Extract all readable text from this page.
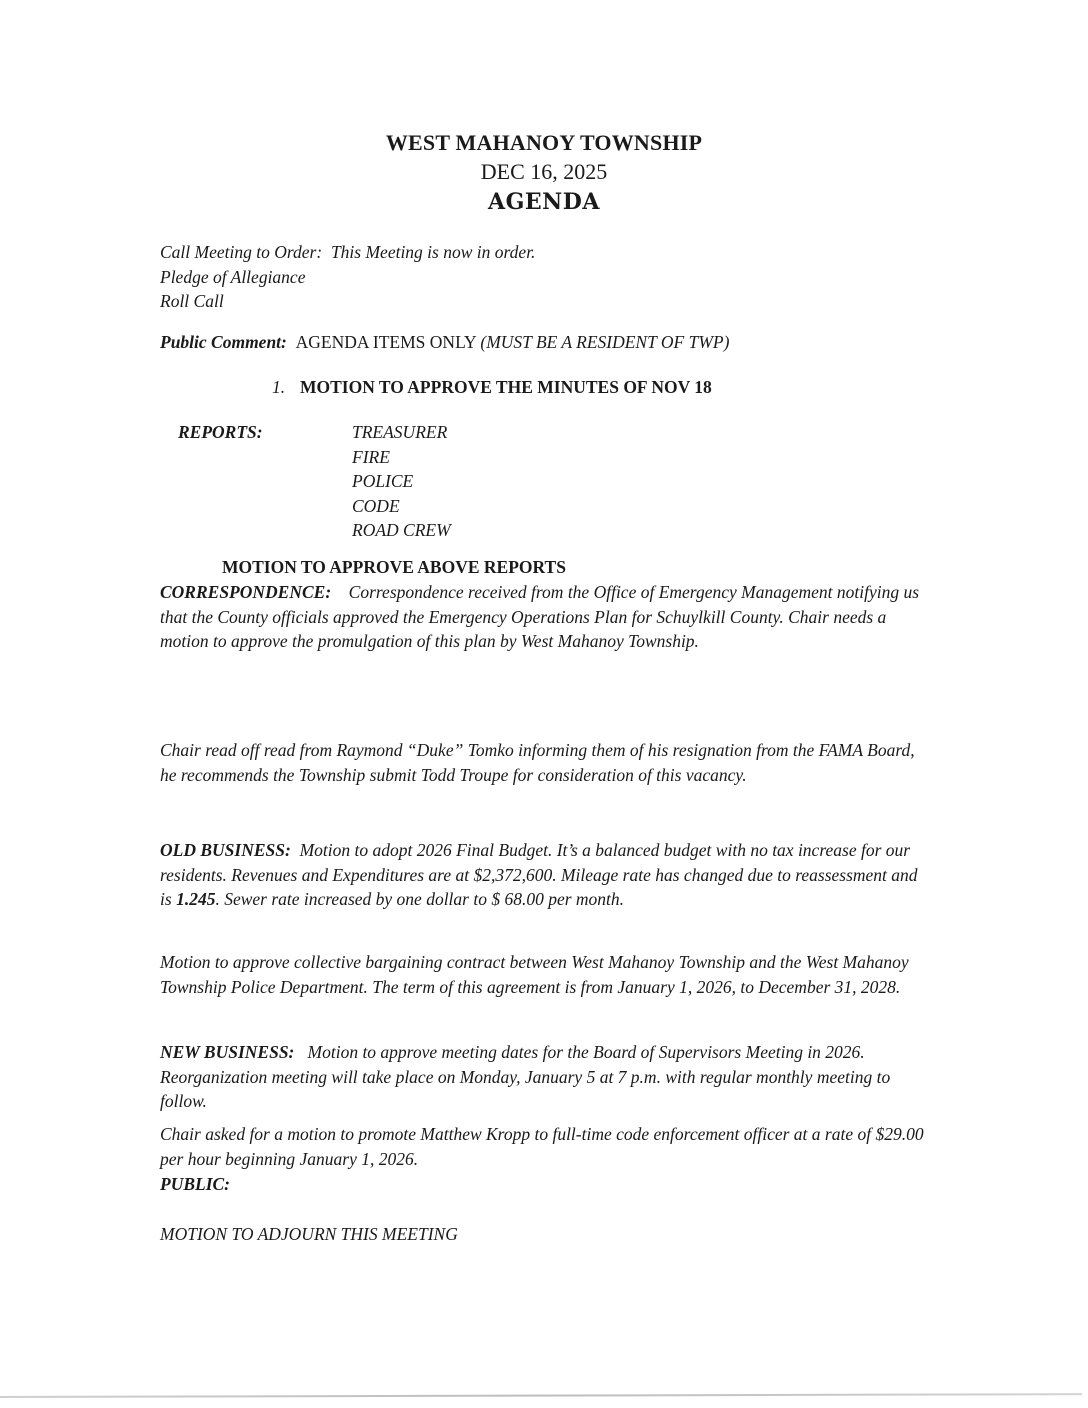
WEST MAHANOY TOWNSHIP
DEC 16, 2025
AGENDA
Call Meeting to Order: This Meeting is now in order.
Pledge of Allegiance
Roll Call
Public Comment: AGENDA ITEMS ONLY (MUST BE A RESIDENT OF TWP)
1. MOTION TO APPROVE THE MINUTES OF NOV 18
REPORTS:	TREASURER
FIRE
POLICE
CODE
ROAD CREW
MOTION TO APPROVE ABOVE REPORTS

CORRESPONDENCE: Correspondence received from the Office of Emergency Management notifying us that the County officials approved the Emergency Operations Plan for Schuylkill County. Chair needs a motion to approve the promulgation of this plan by West Mahanoy Township.

Chair read off read from Raymond “Duke” Tomko informing them of his resignation from the FAMA Board, he recommends the Township submit Todd Troupe for consideration of this vacancy.

OLD BUSINESS: Motion to adopt 2026 Final Budget. It’s a balanced budget with no tax increase for our residents. Revenues and Expenditures are at $2,372,600. Mileage rate has changed due to reassessment and is 1.245. Sewer rate increased by one dollar to $ 68.00 per month.

Motion to approve collective bargaining contract between West Mahanoy Township and the West Mahanoy Township Police Department. The term of this agreement is from January 1, 2026, to December 31, 2028.

NEW BUSINESS: Motion to approve meeting dates for the Board of Supervisors Meeting in 2026. Reorganization meeting will take place on Monday, January 5 at 7 p.m. with regular monthly meeting to follow.

Chair asked for a motion to promote Matthew Kropp to full-time code enforcement officer at a rate of $29.00 per hour beginning January 1, 2026.

PUBLIC:
MOTION TO ADJOURN THIS MEETING
